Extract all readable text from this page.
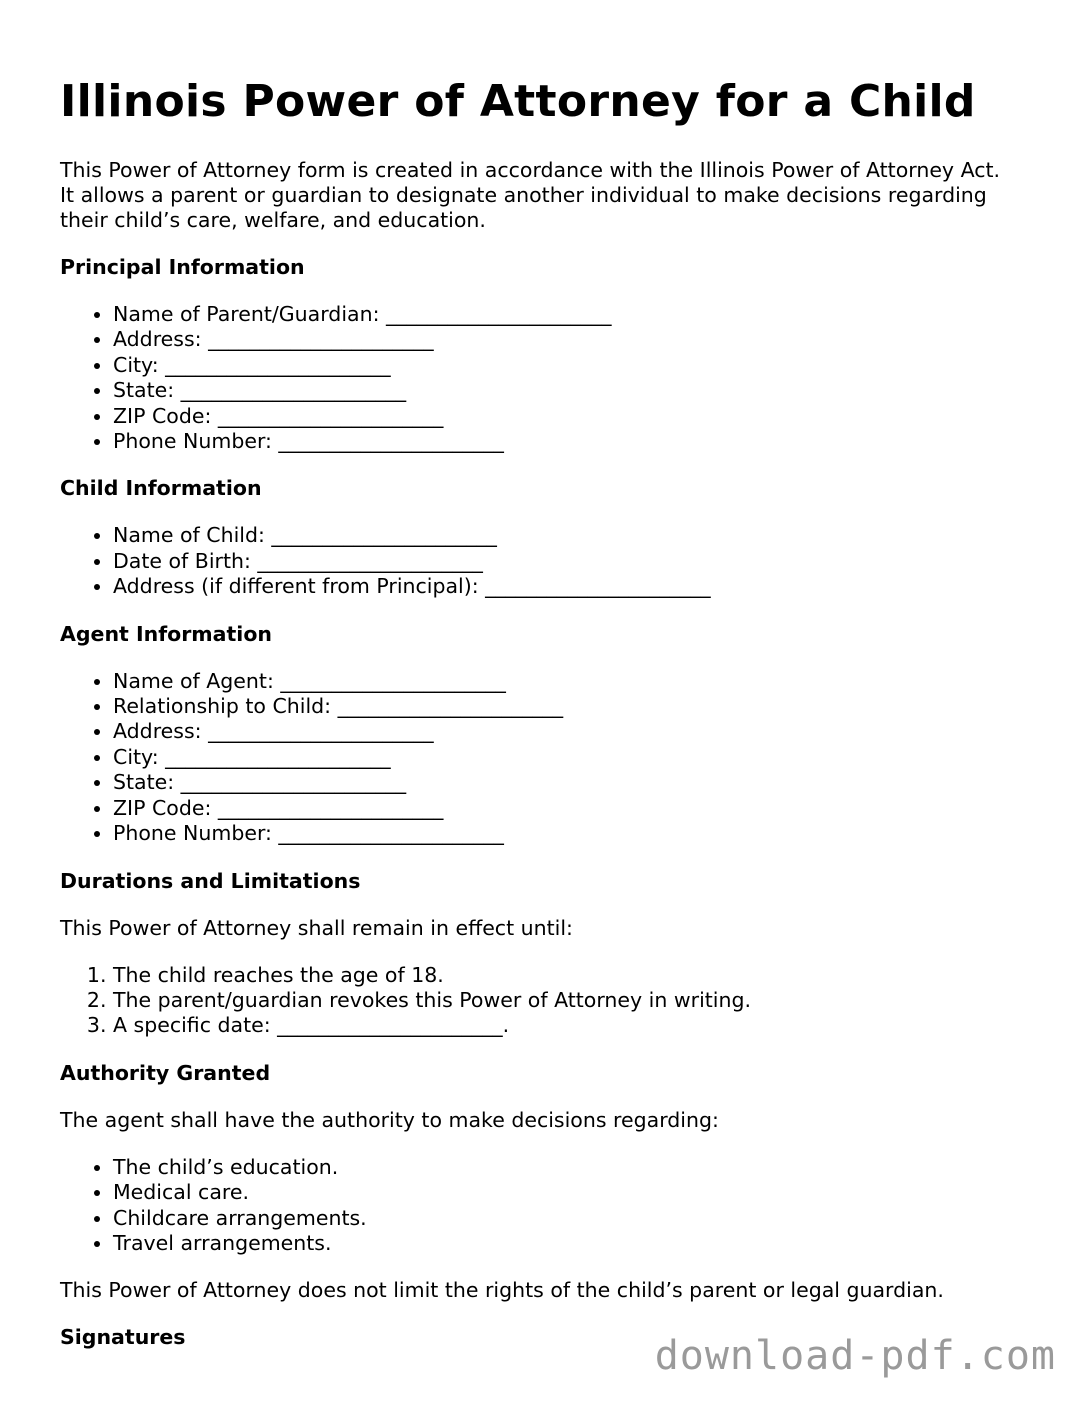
Illinois Power of Attorney for a Child

This Power of Attorney form is created in accordance with the Illinois Power of Attorney Act. It allows a parent or guardian to designate another individual to make decisions regarding their child’s care, welfare, and education.

Principal Information
• Name of Parent/Guardian: ______________________
• Address: ______________________
• City: ______________________
• State: ______________________
• ZIP Code: ______________________
• Phone Number: ______________________
Child Information
• Name of Child: ______________________
• Date of Birth: ______________________
• Address (if different from Principal): ______________________
Agent Information
• Name of Agent: ______________________
• Relationship to Child: ______________________
• Address: ______________________
• City: ______________________
• State: ______________________
• ZIP Code: ______________________
• Phone Number: ______________________
Durations and Limitations

This Power of Attorney shall remain in effect until:

1. The child reaches the age of 18.
2. The parent/guardian revokes this Power of Attorney in writing.
3. A specific date: ______________________.
Authority Granted

The agent shall have the authority to make decisions regarding:

• The child’s education.
• Medical care.
• Childcare arrangements.
• Travel arrangements.

This Power of Attorney does not limit the rights of the child’s parent or legal guardian.

Signatures	download-pdf.com
